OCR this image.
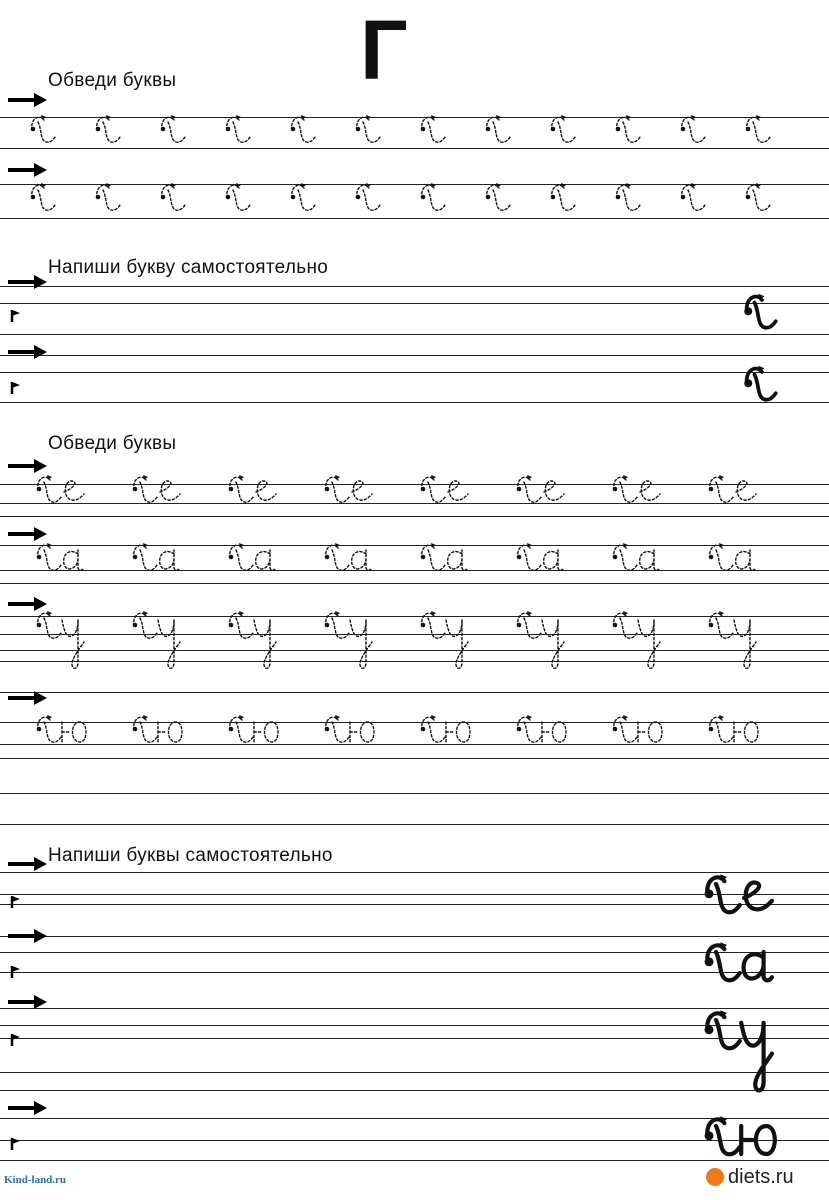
Г
Обведи буквы
Напиши букву самостоятельно
Обведи буквы
Напиши буквы самостоятельно
Kind-land.ru	diets.ru
